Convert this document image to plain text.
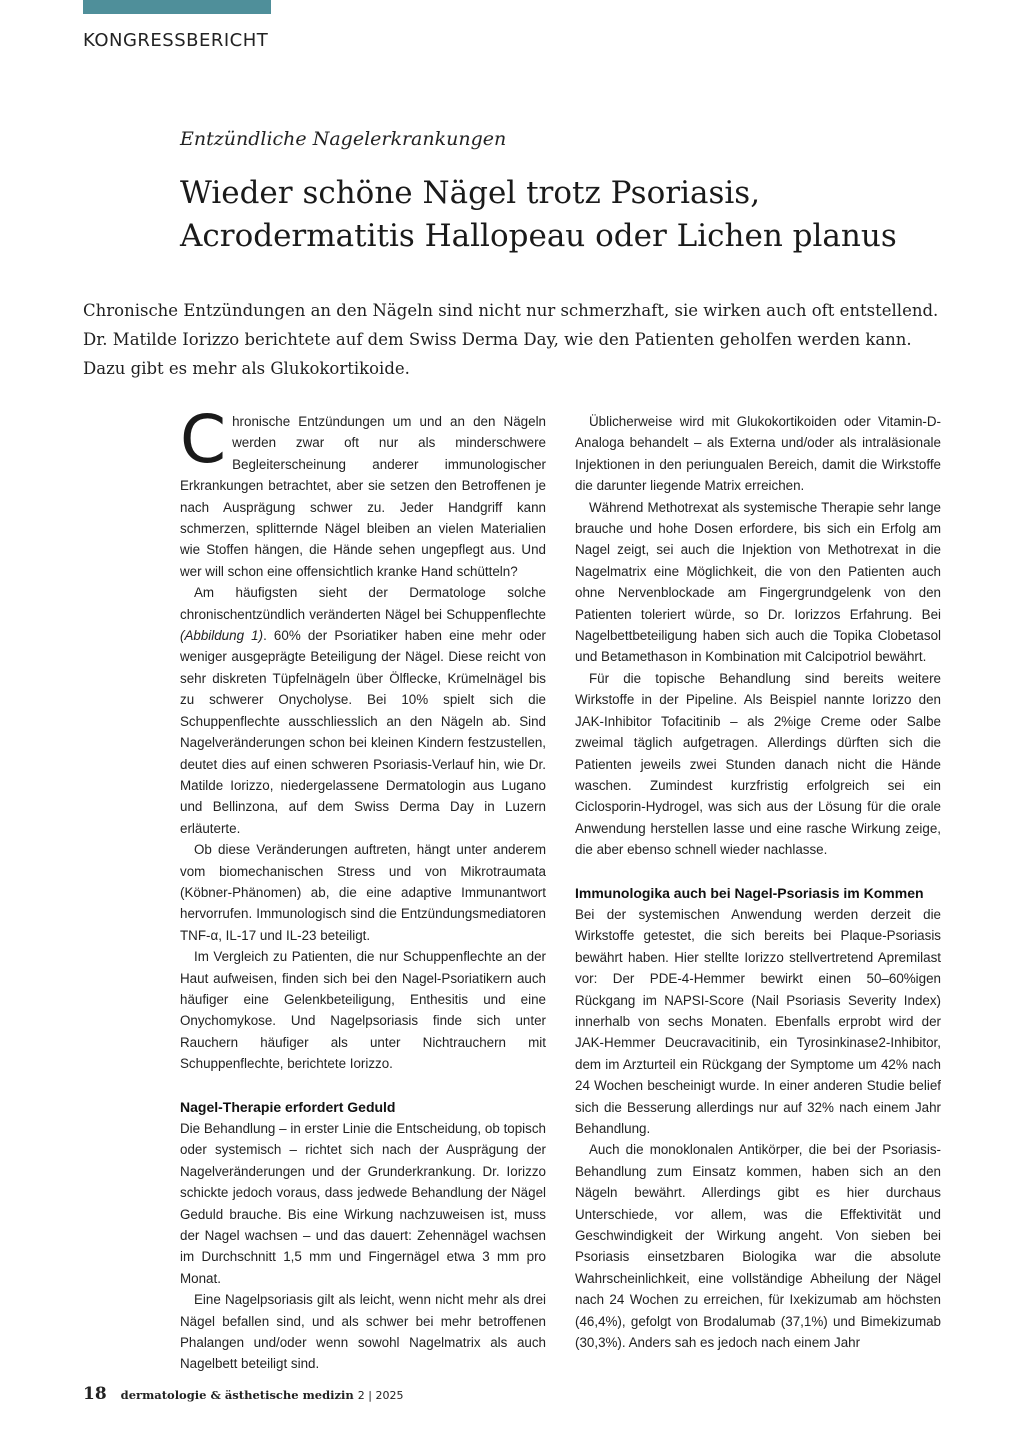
KONGRESSBERICHT
Entzündliche Nagelerkrankungen
Wieder schöne Nägel trotz Psoriasis,
Acrodermatitis Hallopeau oder Lichen planus

Chronische Entzündungen an den Nägeln sind nicht nur schmerzhaft, sie wirken auch oft entstellend. Dr. Matilde Iorizzo berichtete auf dem Swiss Derma Day, wie den Patienten geholfen werden kann. Dazu gibt es mehr als Glukokortikoide.

Chronische Entzündungen um und an den Nägeln werden zwar oft nur als minderschwere Begleiterscheinung anderer immunologischer Erkrankungen betrachtet, aber sie setzen den Betroffenen je nach Ausprägung schwer zu. Jeder Handgriff kann schmerzen, splitternde Nägel bleiben an vielen Materialien wie Stoffen hängen, die Hände sehen ungepflegt aus. Und wer will schon eine offensichtlich kranke Hand schütteln?

Am häufigsten sieht der Dermatologe solche chronischentzündlich veränderten Nägel bei Schuppenflechte (Abbildung 1). 60% der Psoriatiker haben eine mehr oder weniger ausgeprägte Beteiligung der Nägel. Diese reicht von sehr diskreten Tüpfelnägeln über Ölflecke, Krümelnägel bis zu schwerer Onycholyse. Bei 10% spielt sich die Schuppenflechte ausschliesslich an den Nägeln ab. Sind Nagelveränderungen schon bei kleinen Kindern festzustellen, deutet dies auf einen schweren Psoriasis-Verlauf hin, wie Dr. Matilde Iorizzo, niedergelassene Dermatologin aus Lugano und Bellinzona, auf dem Swiss Derma Day in Luzern erläuterte.

Ob diese Veränderungen auftreten, hängt unter anderem vom biomechanischen Stress und von Mikrotraumata (Köbner-Phänomen) ab, die eine adaptive Immunantwort hervorrufen. Immunologisch sind die Entzündungsmediatoren TNF-α, IL-17 und IL-23 beteiligt.

Im Vergleich zu Patienten, die nur Schuppenflechte an der Haut aufweisen, finden sich bei den Nagel-Psoriatikern auch häufiger eine Gelenkbeteiligung, Enthesitis und eine Onychomykose. Und Nagelpsoriasis finde sich unter Rauchern häufiger als unter Nichtrauchern mit Schuppenflechte, berichtete Iorizzo.

Nagel-Therapie erfordert Geduld

Die Behandlung – in erster Linie die Entscheidung, ob topisch oder systemisch – richtet sich nach der Ausprägung der Nagelveränderungen und der Grunderkrankung. Dr. Iorizzo schickte jedoch voraus, dass jedwede Behandlung der Nägel Geduld brauche. Bis eine Wirkung nachzuweisen ist, muss der Nagel wachsen – und das dauert: Zehennägel wachsen im Durchschnitt 1,5 mm und Fingernägel etwa 3 mm pro Monat.

Eine Nagelpsoriasis gilt als leicht, wenn nicht mehr als drei Nägel befallen sind, und als schwer bei mehr betroffenen Phalangen und/oder wenn sowohl Nagelmatrix als auch Nagelbett beteiligt sind.

Üblicherweise wird mit Glukokortikoiden oder Vitamin-D-Analoga behandelt – als Externa und/oder als intraläsionale Injektionen in den periungualen Bereich, damit die Wirkstoffe die darunter liegende Matrix erreichen.

Während Methotrexat als systemische Therapie sehr lange brauche und hohe Dosen erfordere, bis sich ein Erfolg am Nagel zeigt, sei auch die Injektion von Methotrexat in die Nagelmatrix eine Möglichkeit, die von den Patienten auch ohne Nervenblockade am Fingergrundgelenk von den Patienten toleriert würde, so Dr. Iorizzos Erfahrung. Bei Nagelbettbeteiligung haben sich auch die Topika Clobetasol und Betamethason in Kombination mit Calcipotriol bewährt.

Für die topische Behandlung sind bereits weitere Wirkstoffe in der Pipeline. Als Beispiel nannte Iorizzo den JAK-Inhibitor Tofacitinib – als 2%ige Creme oder Salbe zweimal täglich aufgetragen. Allerdings dürften sich die Patienten jeweils zwei Stunden danach nicht die Hände waschen. Zumindest kurzfristig erfolgreich sei ein Ciclosporin-Hydrogel, was sich aus der Lösung für die orale Anwendung herstellen lasse und eine rasche Wirkung zeige, die aber ebenso schnell wieder nachlasse.

Immunologika auch bei Nagel-Psoriasis im Kommen

Bei der systemischen Anwendung werden derzeit die Wirkstoffe getestet, die sich bereits bei Plaque-Psoriasis bewährt haben. Hier stellte Iorizzo stellvertretend Apremilast vor: Der PDE-4-Hemmer bewirkt einen 50–60%igen Rückgang im NAPSI-Score (Nail Psoriasis Severity Index) innerhalb von sechs Monaten. Ebenfalls erprobt wird der JAK-Hemmer Deucravacitinib, ein Tyrosinkinase2-Inhibitor, dem im Arzturteil ein Rückgang der Symptome um 42% nach 24 Wochen bescheinigt wurde. In einer anderen Studie belief sich die Besserung allerdings nur auf 32% nach einem Jahr Behandlung.

Auch die monoklonalen Antikörper, die bei der Psoriasis-Behandlung zum Einsatz kommen, haben sich an den Nägeln bewährt. Allerdings gibt es hier durchaus Unterschiede, vor allem, was die Effektivität und Geschwindigkeit der Wirkung angeht. Von sieben bei Psoriasis einsetzbaren Biologika war die absolute Wahrscheinlichkeit, eine vollständige Abheilung der Nägel nach 24 Wochen zu erreichen, für Ixekizumab am höchsten (46,4%), gefolgt von Brodalumab (37,1%) und Bimekizumab (30,3%). Anders sah es jedoch nach einem Jahr

18 dermatologie & ästhetische medizin 2 | 2025
